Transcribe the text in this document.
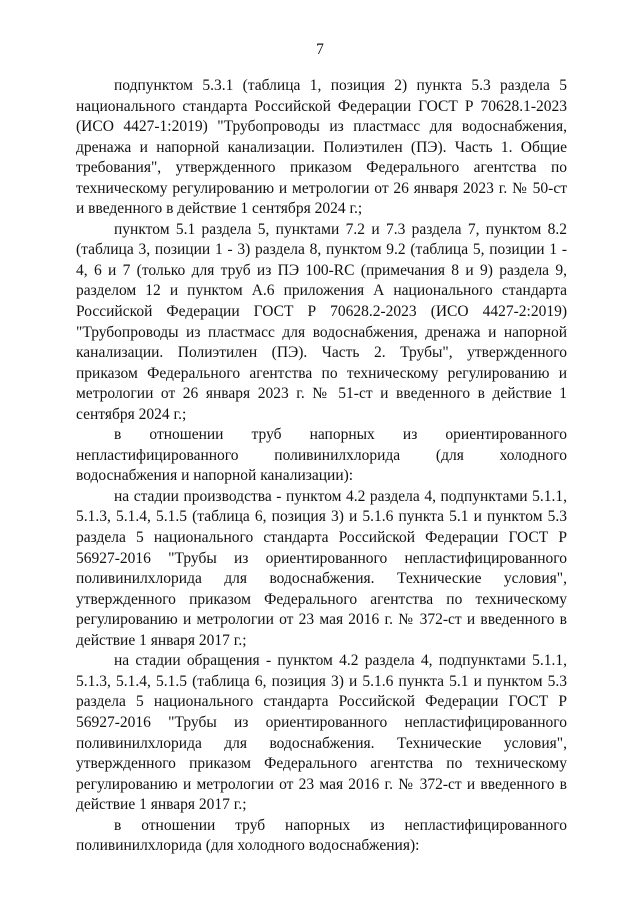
7

подпунктом 5.3.1 (таблица 1, позиция 2) пункта 5.3 раздела 5 национального стандарта Российской Федерации ГОСТ Р 70628.1-2023 (ИСО 4427-1:2019) "Трубопроводы из пластмасс для водоснабжения, дренажа и напорной канализации. Полиэтилен (ПЭ). Часть 1. Общие требования", утвержденного приказом Федерального агентства по техническому регулированию и метрологии от 26 января 2023 г. № 50-ст и введенного в действие 1 сентября 2024 г.;

пунктом 5.1 раздела 5, пунктами 7.2 и 7.3 раздела 7, пунктом 8.2 (таблица 3, позиции 1 - 3) раздела 8, пунктом 9.2 (таблица 5, позиции 1 - 4, 6 и 7 (только для труб из ПЭ 100-RC (примечания 8 и 9) раздела 9, разделом 12 и пунктом А.6 приложения А национального стандарта Российской Федерации ГОСТ Р 70628.2-2023 (ИСО 4427-2:2019) "Трубопроводы из пластмасс для водоснабжения, дренажа и напорной канализации. Полиэтилен (ПЭ). Часть 2. Трубы", утвержденного приказом Федерального агентства по техническому регулированию и метрологии от 26 января 2023 г. № 51-ст и введенного в действие 1 сентября 2024 г.;

в отношении труб напорных из ориентированного непластифицированного поливинилхлорида (для холодного водоснабжения и напорной канализации):

на стадии производства - пунктом 4.2 раздела 4, подпунктами 5.1.1, 5.1.3, 5.1.4, 5.1.5 (таблица 6, позиция 3) и 5.1.6 пункта 5.1 и пунктом 5.3 раздела 5 национального стандарта Российской Федерации ГОСТ Р 56927-2016 "Трубы из ориентированного непластифицированного поливинилхлорида для водоснабжения. Технические условия", утвержденного приказом Федерального агентства по техническому регулированию и метрологии от 23 мая 2016 г. № 372-ст и введенного в действие 1 января 2017 г.;

на стадии обращения - пунктом 4.2 раздела 4, подпунктами 5.1.1, 5.1.3, 5.1.4, 5.1.5 (таблица 6, позиция 3) и 5.1.6 пункта 5.1 и пунктом 5.3 раздела 5 национального стандарта Российской Федерации ГОСТ Р 56927-2016 "Трубы из ориентированного непластифицированного поливинилхлорида для водоснабжения. Технические условия", утвержденного приказом Федерального агентства по техническому регулированию и метрологии от 23 мая 2016 г. № 372-ст и введенного в действие 1 января 2017 г.;

в отношении труб напорных из непластифицированного поливинилхлорида (для холодного водоснабжения):
